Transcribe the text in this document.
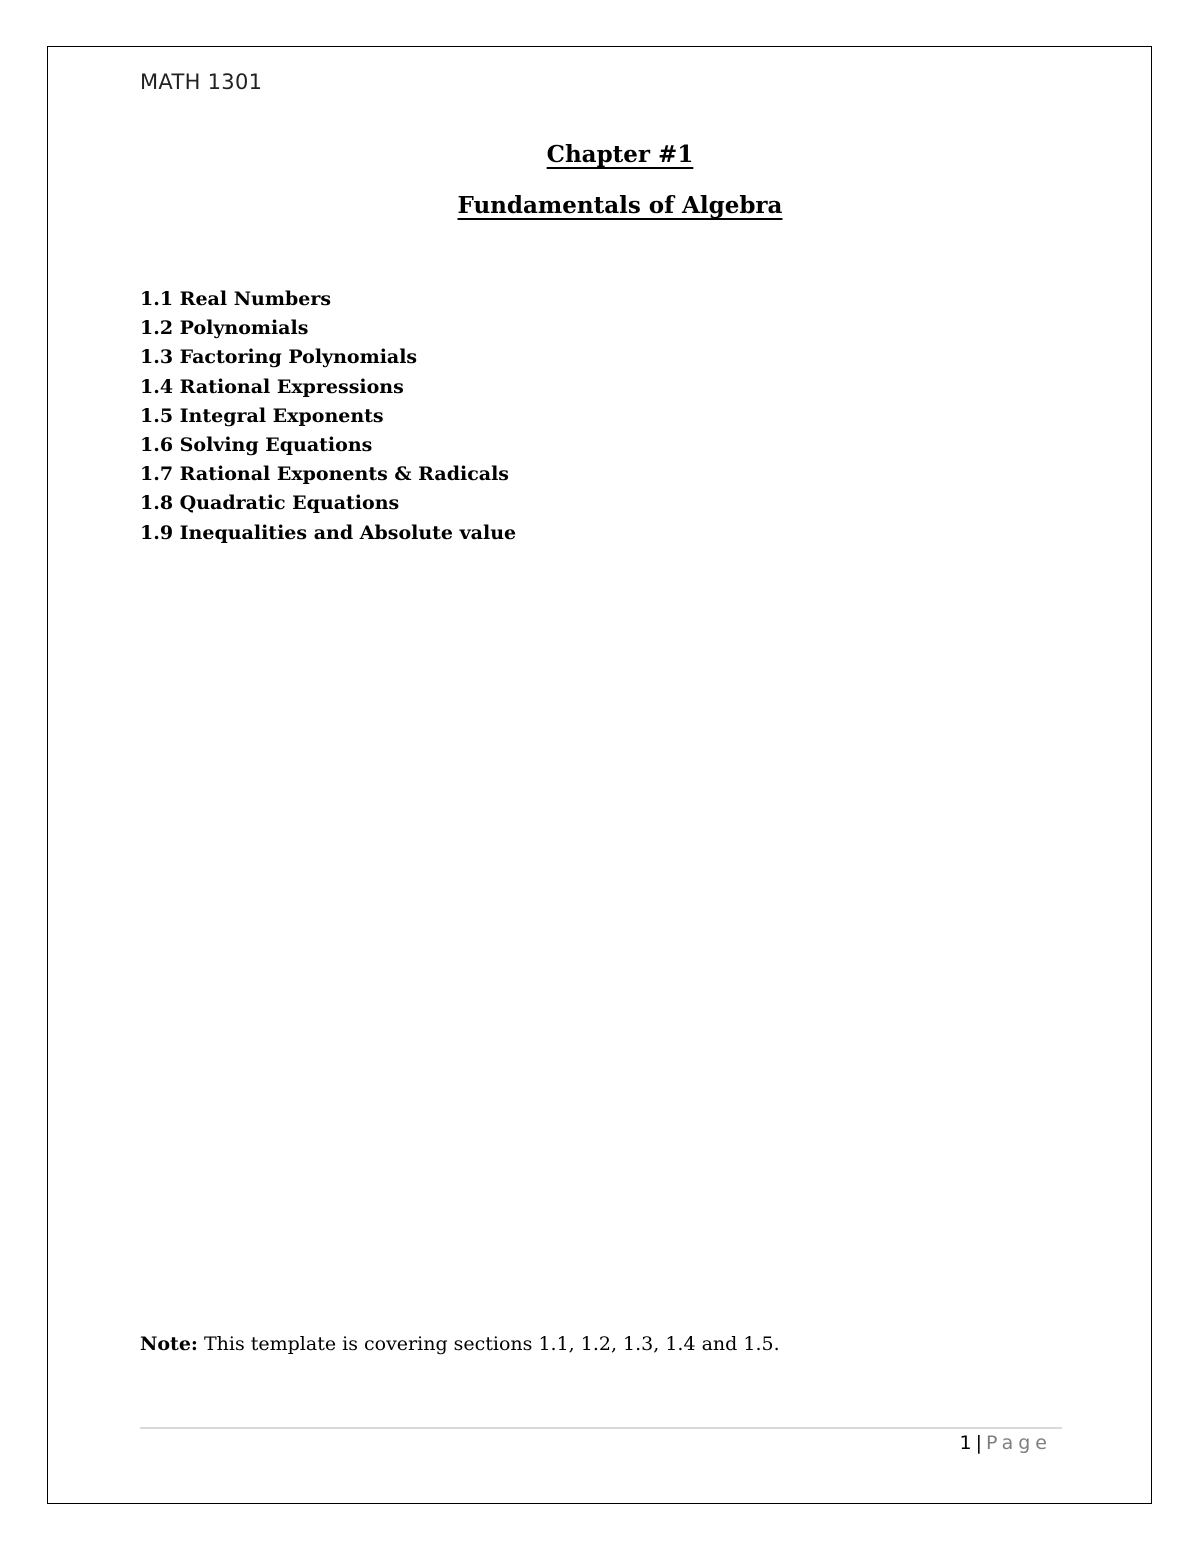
MATH 1301
Chapter #1
Fundamentals of Algebra
1.1 Real Numbers
1.2 Polynomials
1.3 Factoring Polynomials
1.4 Rational Expressions
1.5 Integral Exponents
1.6 Solving Equations
1.7 Rational Exponents & Radicals
1.8 Quadratic Equations
1.9 Inequalities and Absolute value
Note: This template is covering sections 1.1, 1.2, 1.3, 1.4 and 1.5.
1 | Page
